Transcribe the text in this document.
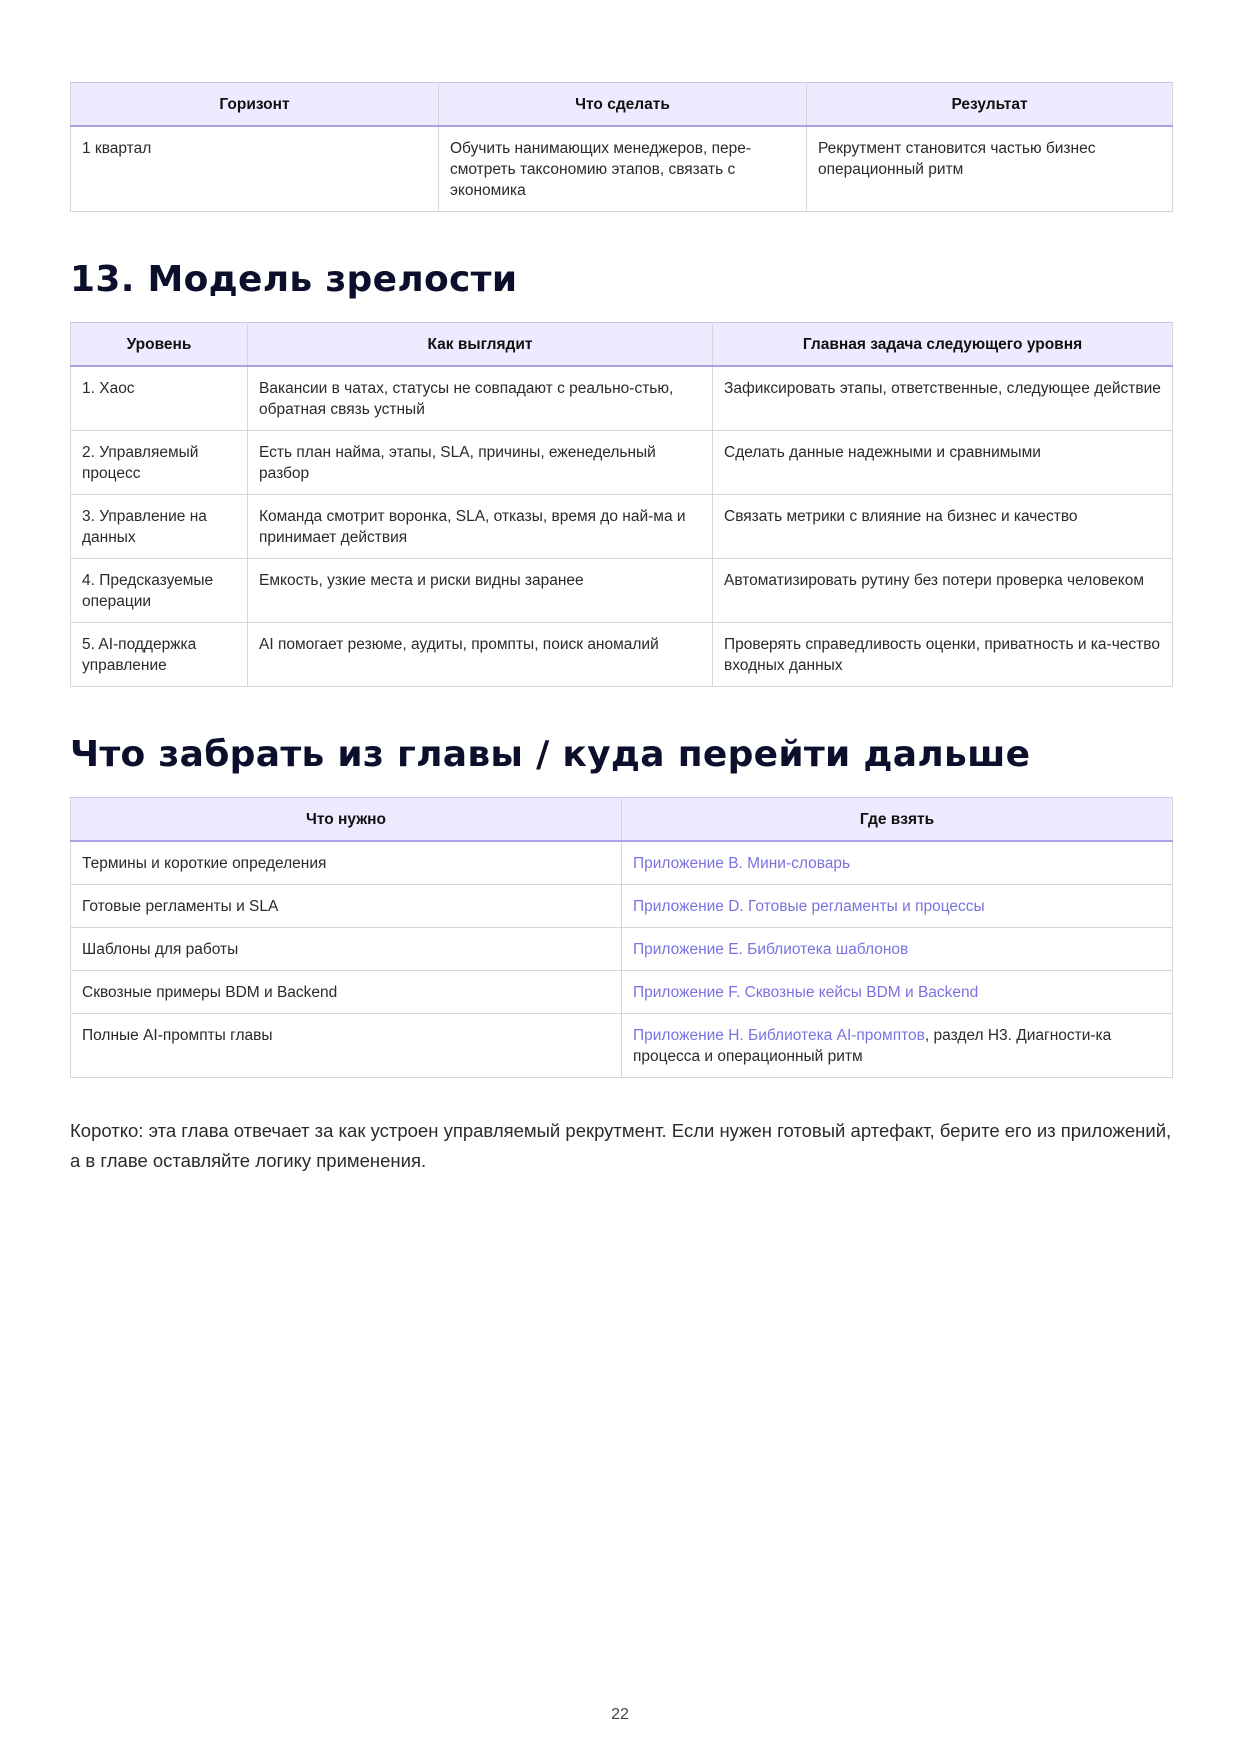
Горизонт	Что сделать	Результат
1 квартал	Обучить нанимающих менеджеров, пере-смотреть таксономию этапов, связать с экономика	Рекрутмент становится частью бизнес операционный ритм
13. Модель зрелости
Уровень	Как выглядит	Главная задача следующего уровня
1. Хаос	Вакансии в чатах, статусы не совпадают с реально-стью, обратная связь устный	Зафиксировать этапы, ответственные, следующее действие
2. Управляемый процесс	Есть план найма, этапы, SLA, причины, еженедельный разбор	Сделать данные надежными и сравнимыми
3. Управление на данных	Команда смотрит воронка, SLA, отказы, время до най-ма и принимает действия	Связать метрики с влияние на бизнес и качество
4. Предсказуемые операции	Емкость, узкие места и риски видны заранее	Автоматизировать рутину без потери проверка человеком
5. AI-поддержка управление	AI помогает резюме, аудиты, промпты, поиск аномалий	Проверять справедливость оценки, приватность и ка-чество входных данных
Что забрать из главы / куда перейти дальше
Что нужно	Где взять
Термины и короткие определения	Приложение B. Мини-словарь
Готовые регламенты и SLA	Приложение D. Готовые регламенты и процессы
Шаблоны для работы	Приложение E. Библиотека шаблонов
Сквозные примеры BDM и Backend	Приложение F. Сквозные кейсы BDM и Backend
Полные AI-промпты главы	Приложение H. Библиотека AI-промптов, раздел H3. Диагности-ка процесса и операционный ритм

Коротко: эта глава отвечает за как устроен управляемый рекрутмент. Если нужен готовый артефакт, берите его из приложений, а в главе оставляйте логику применения.

22
